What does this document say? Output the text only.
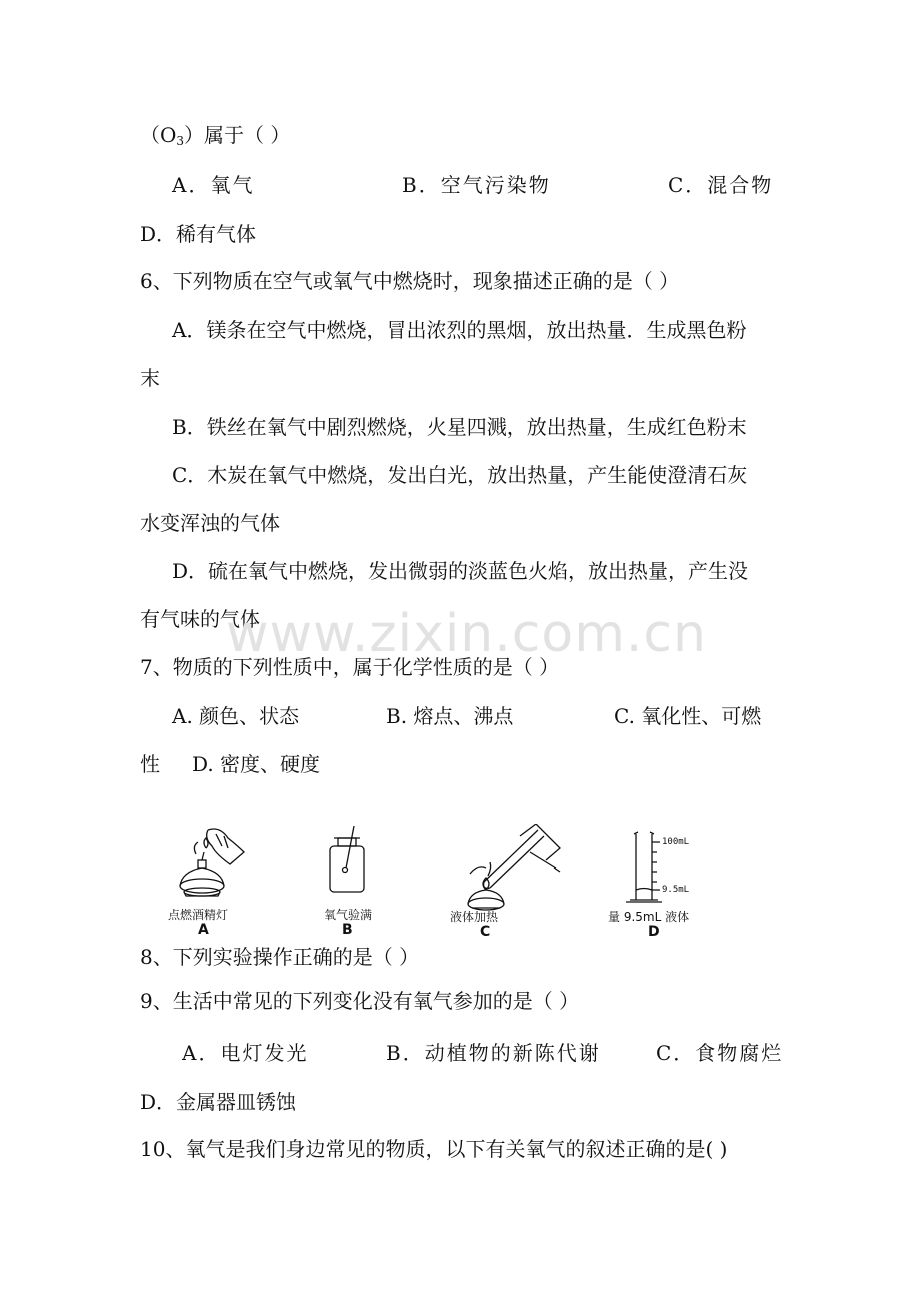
$(O_3)$属于（ ）
A．氧气	B．空气污染物	C．混合物
D．稀有气体
6、下列物质在空气或氧气中燃烧时，现象描述正确的是（ ）
A．镁条在空气中燃烧，冒出浓烈的黑烟，放出热量．生成黑色粉
末
B．铁丝在氧气中剧烈燃烧，火星四溅，放出热量，生成红色粉末
C．木炭在氧气中燃烧，发出白光，放出热量，产生能使澄清石灰
水变浑浊的气体
D．硫在氧气中燃烧，发出微弱的淡蓝色火焰，放出热量，产生没
有气味的气体
www.zixin.com.cn
7、物质的下列性质中，属于化学性质的是（ ）
A. 颜色、状态	B. 熔点、沸点	C. 氧化性、可燃
性 D. 密度、硬度
100mL
9.5mL
点燃酒精灯
A
氧气验满
B
液体加热
C
量 9.5mL 液体
D
8、下列实验操作正确的是（ ）
9、生活中常见的下列变化没有氧气参加的是（ ）
A．电灯发光	B．动植物的新陈代谢	C．食物腐烂
D．金属器皿锈蚀
10、氧气是我们身边常见的物质，以下有关氧气的叙述正确的是( )
